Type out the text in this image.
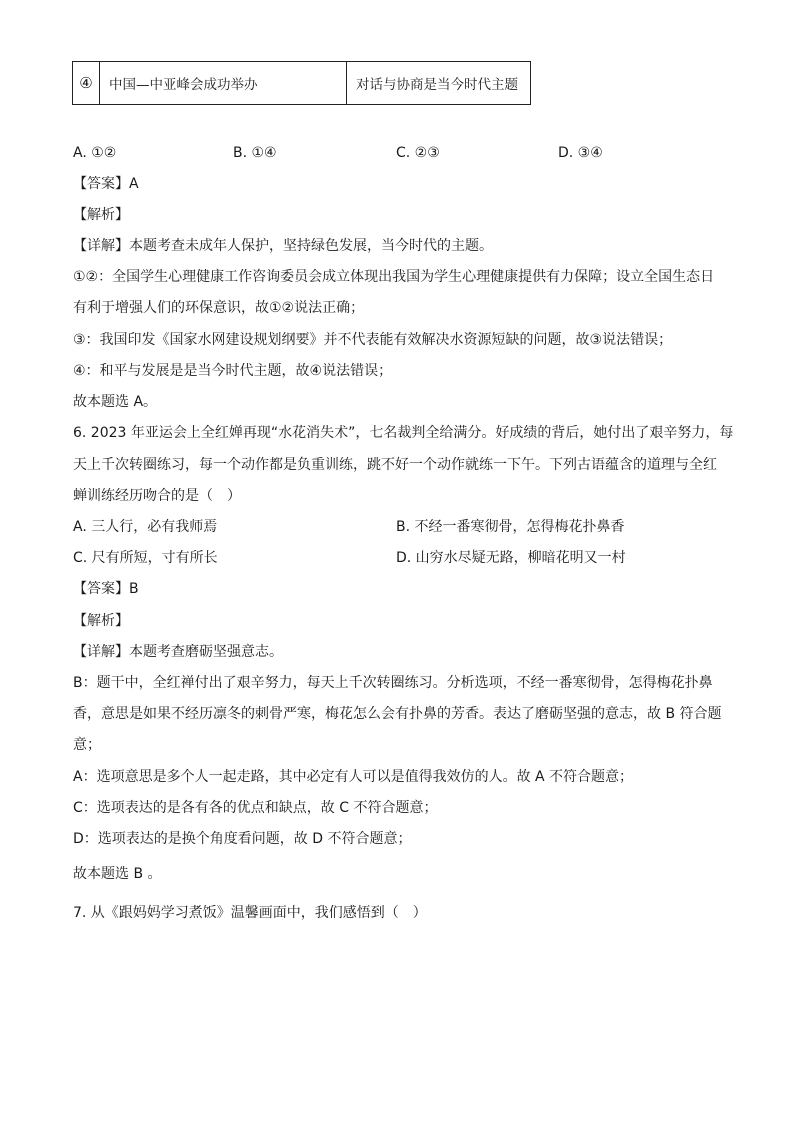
④	中国—中亚峰会成功举办	对话与协商是当今时代主题
A. ①②	B. ①④	C. ②③	D. ③④
【答案】A
【解析】
【详解】本题考查未成年人保护，坚持绿色发展，当今时代的主题。
①②：全国学生心理健康工作咨询委员会成立体现出我国为学生心理健康提供有力保障；设立全国生态日
有利于增强人们的环保意识，故①②说法正确；
③：我国印发《国家水网建设规划纲要》并不代表能有效解决水资源短缺的问题，故③说法错误；
④：和平与发展是是当今时代主题，故④说法错误；
故本题选 A。
6. 2023 年亚运会上全红婵再现“水花消失术”，七名裁判全给满分。好成绩的背后，她付出了艰辛努力，每
天上千次转圈练习，每一个动作都是负重训练，跳不好一个动作就练一下午。下列古语蕴含的道理与全红
蝉训练经历吻合的是（　）
A. 三人行，必有我师焉	B. 不经一番寒彻骨，怎得梅花扑鼻香
C. 尺有所短，寸有所长	D. 山穷水尽疑无路，柳暗花明又一村
【答案】B
【解析】
【详解】本题考查磨砺坚强意志。
B：题干中，全红禅付出了艰辛努力，每天上千次转圈练习。分析选项，不经一番寒彻骨，怎得梅花扑鼻
香，意思是如果不经历凛冬的刺骨严寒，梅花怎么会有扑鼻的芳香。表达了磨砺坚强的意志，故 B 符合题
意；
A：选项意思是多个人一起走路，其中必定有人可以是值得我效仿的人。故 A 不符合题意；
C：选项表达的是各有各的优点和缺点，故 C 不符合题意；
D：选项表达的是换个角度看问题，故 D 不符合题意；
故本题选 B 。
7. 从《跟妈妈学习煮饭》温馨画面中，我们感悟到（　）
